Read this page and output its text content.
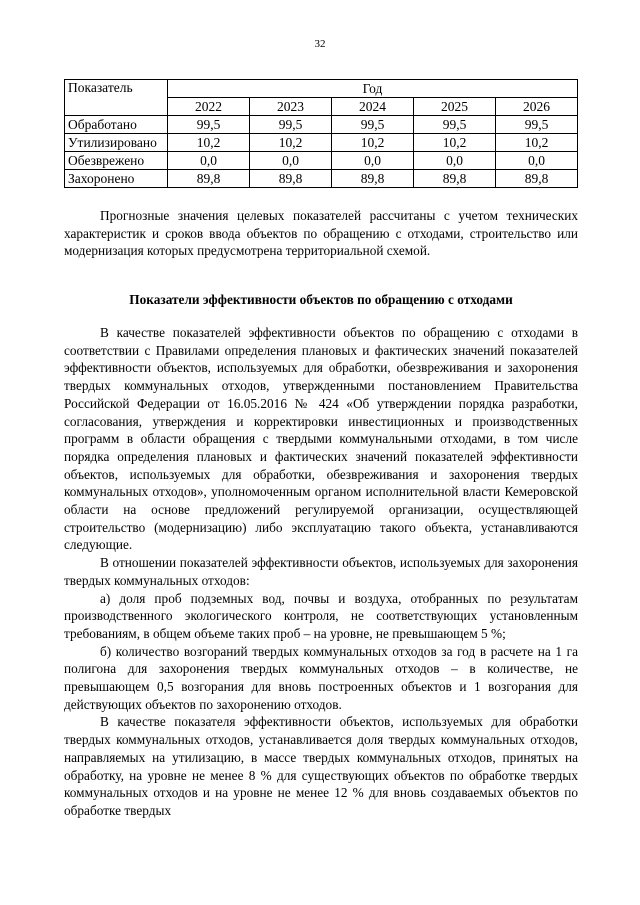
32
Показатель	Год				
	2022	2023	2024	2025	2026
Обработано	99,5	99,5	99,5	99,5	99,5
Утилизировано	10,2	10,2	10,2	10,2	10,2
Обезврежено	0,0	0,0	0,0	0,0	0,0
Захоронено	89,8	89,8	89,8	89,8	89,8

Прогнозные значения целевых показателей рассчитаны с учетом технических характеристик и сроков ввода объектов по обращению с отходами, строительство или модернизация которых предусмотрена территориальной схемой.

Показатели эффективности объектов по обращению с отходами

В качестве показателей эффективности объектов по обращению с отходами в соответствии с Правилами определения плановых и фактических значений показателей эффективности объектов, используемых для обработки, обезвреживания и захоронения твердых коммунальных отходов, утвержденными постановлением Правительства Российской Федерации от 16.05.2016 № 424 «Об утверждении порядка разработки, согласования, утверждения и корректировки инвестиционных и производственных программ в области обращения с твердыми коммунальными отходами, в том числе порядка определения плановых и фактических значений показателей эффективности объектов, используемых для обработки, обезвреживания и захоронения твердых коммунальных отходов», уполномоченным органом исполнительной власти Кемеровской области на основе предложений регулируемой организации, осуществляющей строительство (модернизацию) либо эксплуатацию такого объекта, устанавливаются следующие.

В отношении показателей эффективности объектов, используемых для захоронения твердых коммунальных отходов:

а) доля проб подземных вод, почвы и воздуха, отобранных по результатам производственного экологического контроля, не соответствующих установленным требованиям, в общем объеме таких проб – на уровне, не превышающем 5 %;

б) количество возгораний твердых коммунальных отходов за год в расчете на 1 га полигона для захоронения твердых коммунальных отходов – в количестве, не превышающем 0,5 возгорания для вновь построенных объектов и 1 возгорания для действующих объектов по захоронению отходов.

В качестве показателя эффективности объектов, используемых для обработки твердых коммунальных отходов, устанавливается доля твердых коммунальных отходов, направляемых на утилизацию, в массе твердых коммунальных отходов, принятых на обработку, на уровне не менее 8 % для существующих объектов по обработке твердых коммунальных отходов и на уровне не менее 12 % для вновь создаваемых объектов по обработке твердых
